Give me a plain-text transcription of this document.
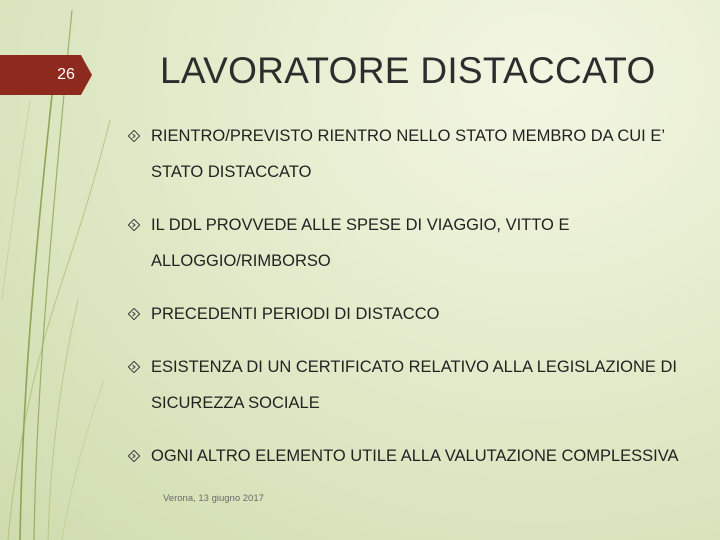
26	LAVORATORE DISTACCATO
RIENTRO/PREVISTO RIENTRO NELLO STATO MEMBRO DA CUI E’ STATO DISTACCATO
IL DDL PROVVEDE ALLE SPESE DI VIAGGIO, VITTO E ALLOGGIO/RIMBORSO
PRECEDENTI PERIODI DI DISTACCO
ESISTENZA DI UN CERTIFICATO RELATIVO ALLA LEGISLAZIONE DI SICUREZZA SOCIALE
OGNI ALTRO ELEMENTO UTILE ALLA VALUTAZIONE COMPLESSIVA
Verona, 13 giugno 2017
